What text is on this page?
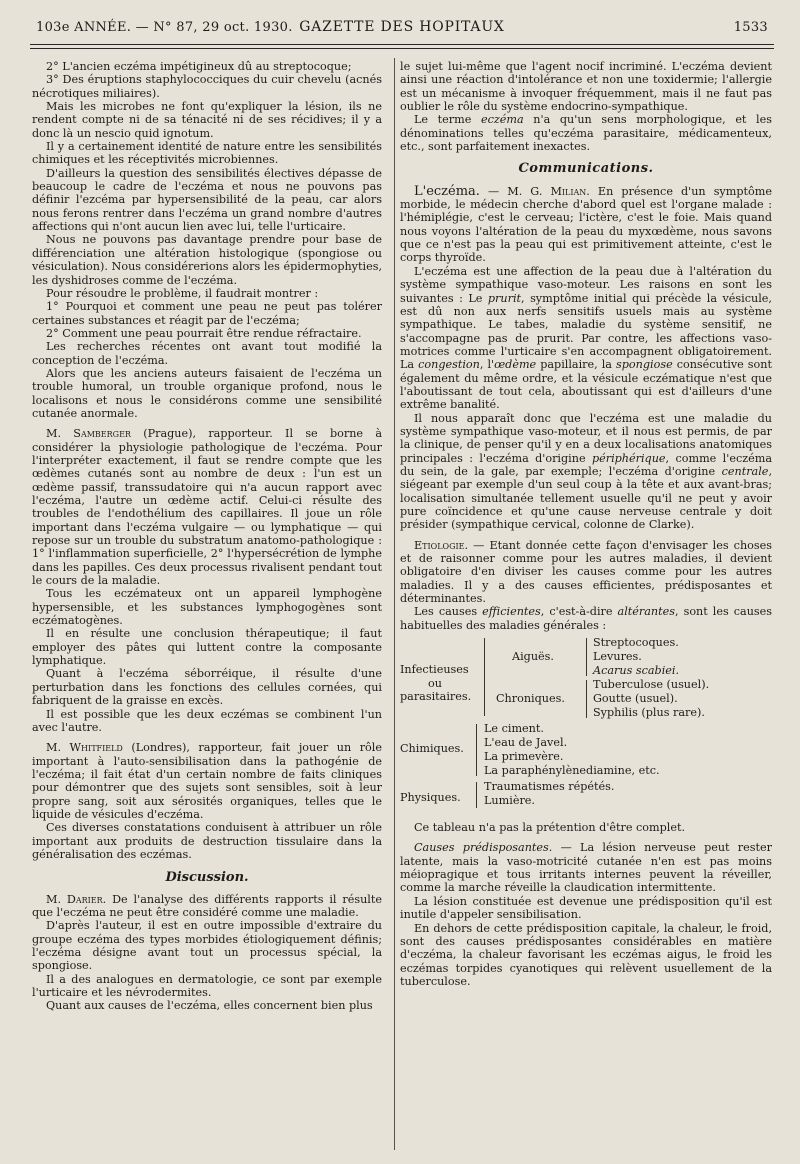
103e ANNÉE. — N° 87, 29 oct. 1930. GAZETTE DES HOPITAUX	1533

2° L'ancien eczéma impétigineux dû au streptocoque;

3° Des éruptions staphylococciques du cuir chevelu (acnés nécrotiques miliaires).

Mais les microbes ne font qu'expliquer la lésion, ils ne rendent compte ni de sa ténacité ni de ses récidives; il y a donc là un nescio quid ignotum.

Il y a certainement identité de nature entre les sensibilités chimiques et les réceptivités microbiennes.

D'ailleurs la question des sensibilités électives dépasse de beaucoup le cadre de l'eczéma et nous ne pouvons pas définir l'ezcéma par hypersensibilité de la peau, car alors nous ferons rentrer dans l'eczéma un grand nombre d'autres affections qui n'ont aucun lien avec lui, telle l'urticaire.

Nous ne pouvons pas davantage prendre pour base de différenciation une altération histologique (spongiose ou vésiculation). Nous considérerions alors les épidermophyties, les dyshidroses comme de l'eczéma.

Pour résoudre le problème, il faudrait montrer :

1° Pourquoi et comment une peau ne peut pas tolérer certaines substances et réagit par de l'eczéma;

2° Comment une peau pourrait être rendue réfractaire.

Les recherches récentes ont avant tout modifié la conception de l'eczéma.

Alors que les anciens auteurs faisaient de l'eczéma un trouble humoral, un trouble organique profond, nous le localisons et nous le considérons comme une sensibilité cutanée anormale.

M. Samberger (Prague), rapporteur. Il se borne à considérer la physiologie pathologique de l'eczéma. Pour l'interpréter exactement, il faut se rendre compte que les œdèmes cutanés sont au nombre de deux : l'un est un œdème passif, transsudatoire qui n'a aucun rapport avec l'eczéma, l'autre un œdème actif. Celui-ci résulte des troubles de l'endothélium des capillaires. Il joue un rôle important dans l'eczéma vulgaire — ou lymphatique — qui repose sur un trouble du substratum anatomo-pathologique : 1° l'inflammation superficielle, 2° l'hypersécrétion de lymphe dans les papilles. Ces deux processus rivalisent pendant tout le cours de la maladie.

Tous les eczémateux ont un appareil lymphogène hypersensible, et les substances lymphogogènes sont eczématogènes.

Il en résulte une conclusion thérapeutique; il faut employer des pâtes qui luttent contre la composante lymphatique.

Quant à l'eczéma séborréique, il résulte d'une perturbation dans les fonctions des cellules cornées, qui fabriquent de la graisse en excès.

Il est possible que les deux eczémas se combinent l'un avec l'autre.

M. Whitfield (Londres), rapporteur, fait jouer un rôle important à l'auto-sensibilisation dans la pathogénie de l'eczéma; il fait état d'un certain nombre de faits cliniques pour démontrer que des sujets sont sensibles, soit à leur propre sang, soit aux sérosités organiques, telles que le liquide de vésicules d'eczéma.

Ces diverses constatations conduisent à attribuer un rôle important aux produits de destruction tissulaire dans la généralisation des eczémas.

Discussion.

M. Darier. De l'analyse des différents rapports il résulte que l'eczéma ne peut être considéré comme une maladie.

D'après l'auteur, il est en outre impossible d'extraire du groupe eczéma des types morbides étiologiquement définis; l'eczéma désigne avant tout un processus spécial, la spongiose.

Il a des analogues en dermatologie, ce sont par exemple l'urticaire et les névrodermites.

Quant aux causes de l'eczéma, elles concernent bien plus

le sujet lui-même que l'agent nocif incriminé. L'eczéma devient ainsi une réaction d'intolérance et non une toxidermie; l'allergie est un mécanisme à invoquer fréquemment, mais il ne faut pas oublier le rôle du système endocrino-sympathique.

Le terme eczéma n'a qu'un sens morphologique, et les dénominations telles qu'eczéma parasitaire, médicamenteux, etc., sont parfaitement inexactes.

Communications.

L'eczéma. — M. G. Milian. En présence d'un symptôme morbide, le médecin cherche d'abord quel est l'organe malade : l'hémiplégie, c'est le cerveau; l'ictère, c'est le foie. Mais quand nous voyons l'altération de la peau du myxœdème, nous savons que ce n'est pas la peau qui est primitivement atteinte, c'est le corps thyroïde.

L'eczéma est une affection de la peau due à l'altération du système sympathique vaso-moteur. Les raisons en sont les suivantes : Le prurit, symptôme initial qui précède la vésicule, est dû non aux nerfs sensitifs usuels mais au système sympathique. Le tabes, maladie du système sensitif, ne s'accompagne pas de prurit. Par contre, les affections vaso-motrices comme l'urticaire s'en accompagnent obligatoirement. La congestion, l'œdème papillaire, la spongiose consécutive sont également du même ordre, et la vésicule eczématique n'est que l'aboutissant de tout cela, aboutissant qui est d'ailleurs d'une extrême banalité.

Il nous apparaît donc que l'eczéma est une maladie du système sympathique vaso-moteur, et il nous est permis, de par la clinique, de penser qu'il y en a deux localisations anatomiques principales : l'eczéma d'origine périphérique, comme l'eczéma du sein, de la gale, par exemple; l'eczéma d'origine centrale, siégeant par exemple d'un seul coup à la tête et aux avant-bras; localisation simultanée tellement usuelle qu'il ne peut y avoir pure coïncidence et qu'une cause nerveuse centrale y doit présider (sympathique cervical, colonne de Clarke).

Etiologie. — Etant donnée cette façon d'envisager les choses et de raisonner comme pour les autres maladies, il devient obligatoire d'en diviser les causes comme pour les autres maladies. Il y a des causes efficientes, prédisposantes et déterminantes.

Les causes efficientes, c'est-à-dire altérantes, sont les causes habituelles des maladies générales :

Infectieuses
ou
parasitaires.
Aiguës.
Streptocoques.
Levures.
Acarus scabiei.
Chroniques.
Tuberculose (usuel).
Goutte (usuel).
Syphilis (plus rare).
Chimiques.
Le ciment.
L'eau de Javel.
La primevère.
La paraphénylènediamine, etc.
Physiques.
Traumatismes répétés.
Lumière.

Ce tableau n'a pas la prétention d'être complet.

Causes prédisposantes. — La lésion nerveuse peut rester latente, mais la vaso-motricité cutanée n'en est pas moins méiopragique et tous irritants internes peuvent la réveiller, comme la marche réveille la claudication intermittente.

La lésion constituée est devenue une prédisposition qu'il est inutile d'appeler sensibilisation.

En dehors de cette prédisposition capitale, la chaleur, le froid, sont des causes prédisposantes considérables en matière d'eczéma, la chaleur favorisant les eczémas aigus, le froid les eczémas torpides cyanotiques qui relèvent usuellement de la tuberculose.
